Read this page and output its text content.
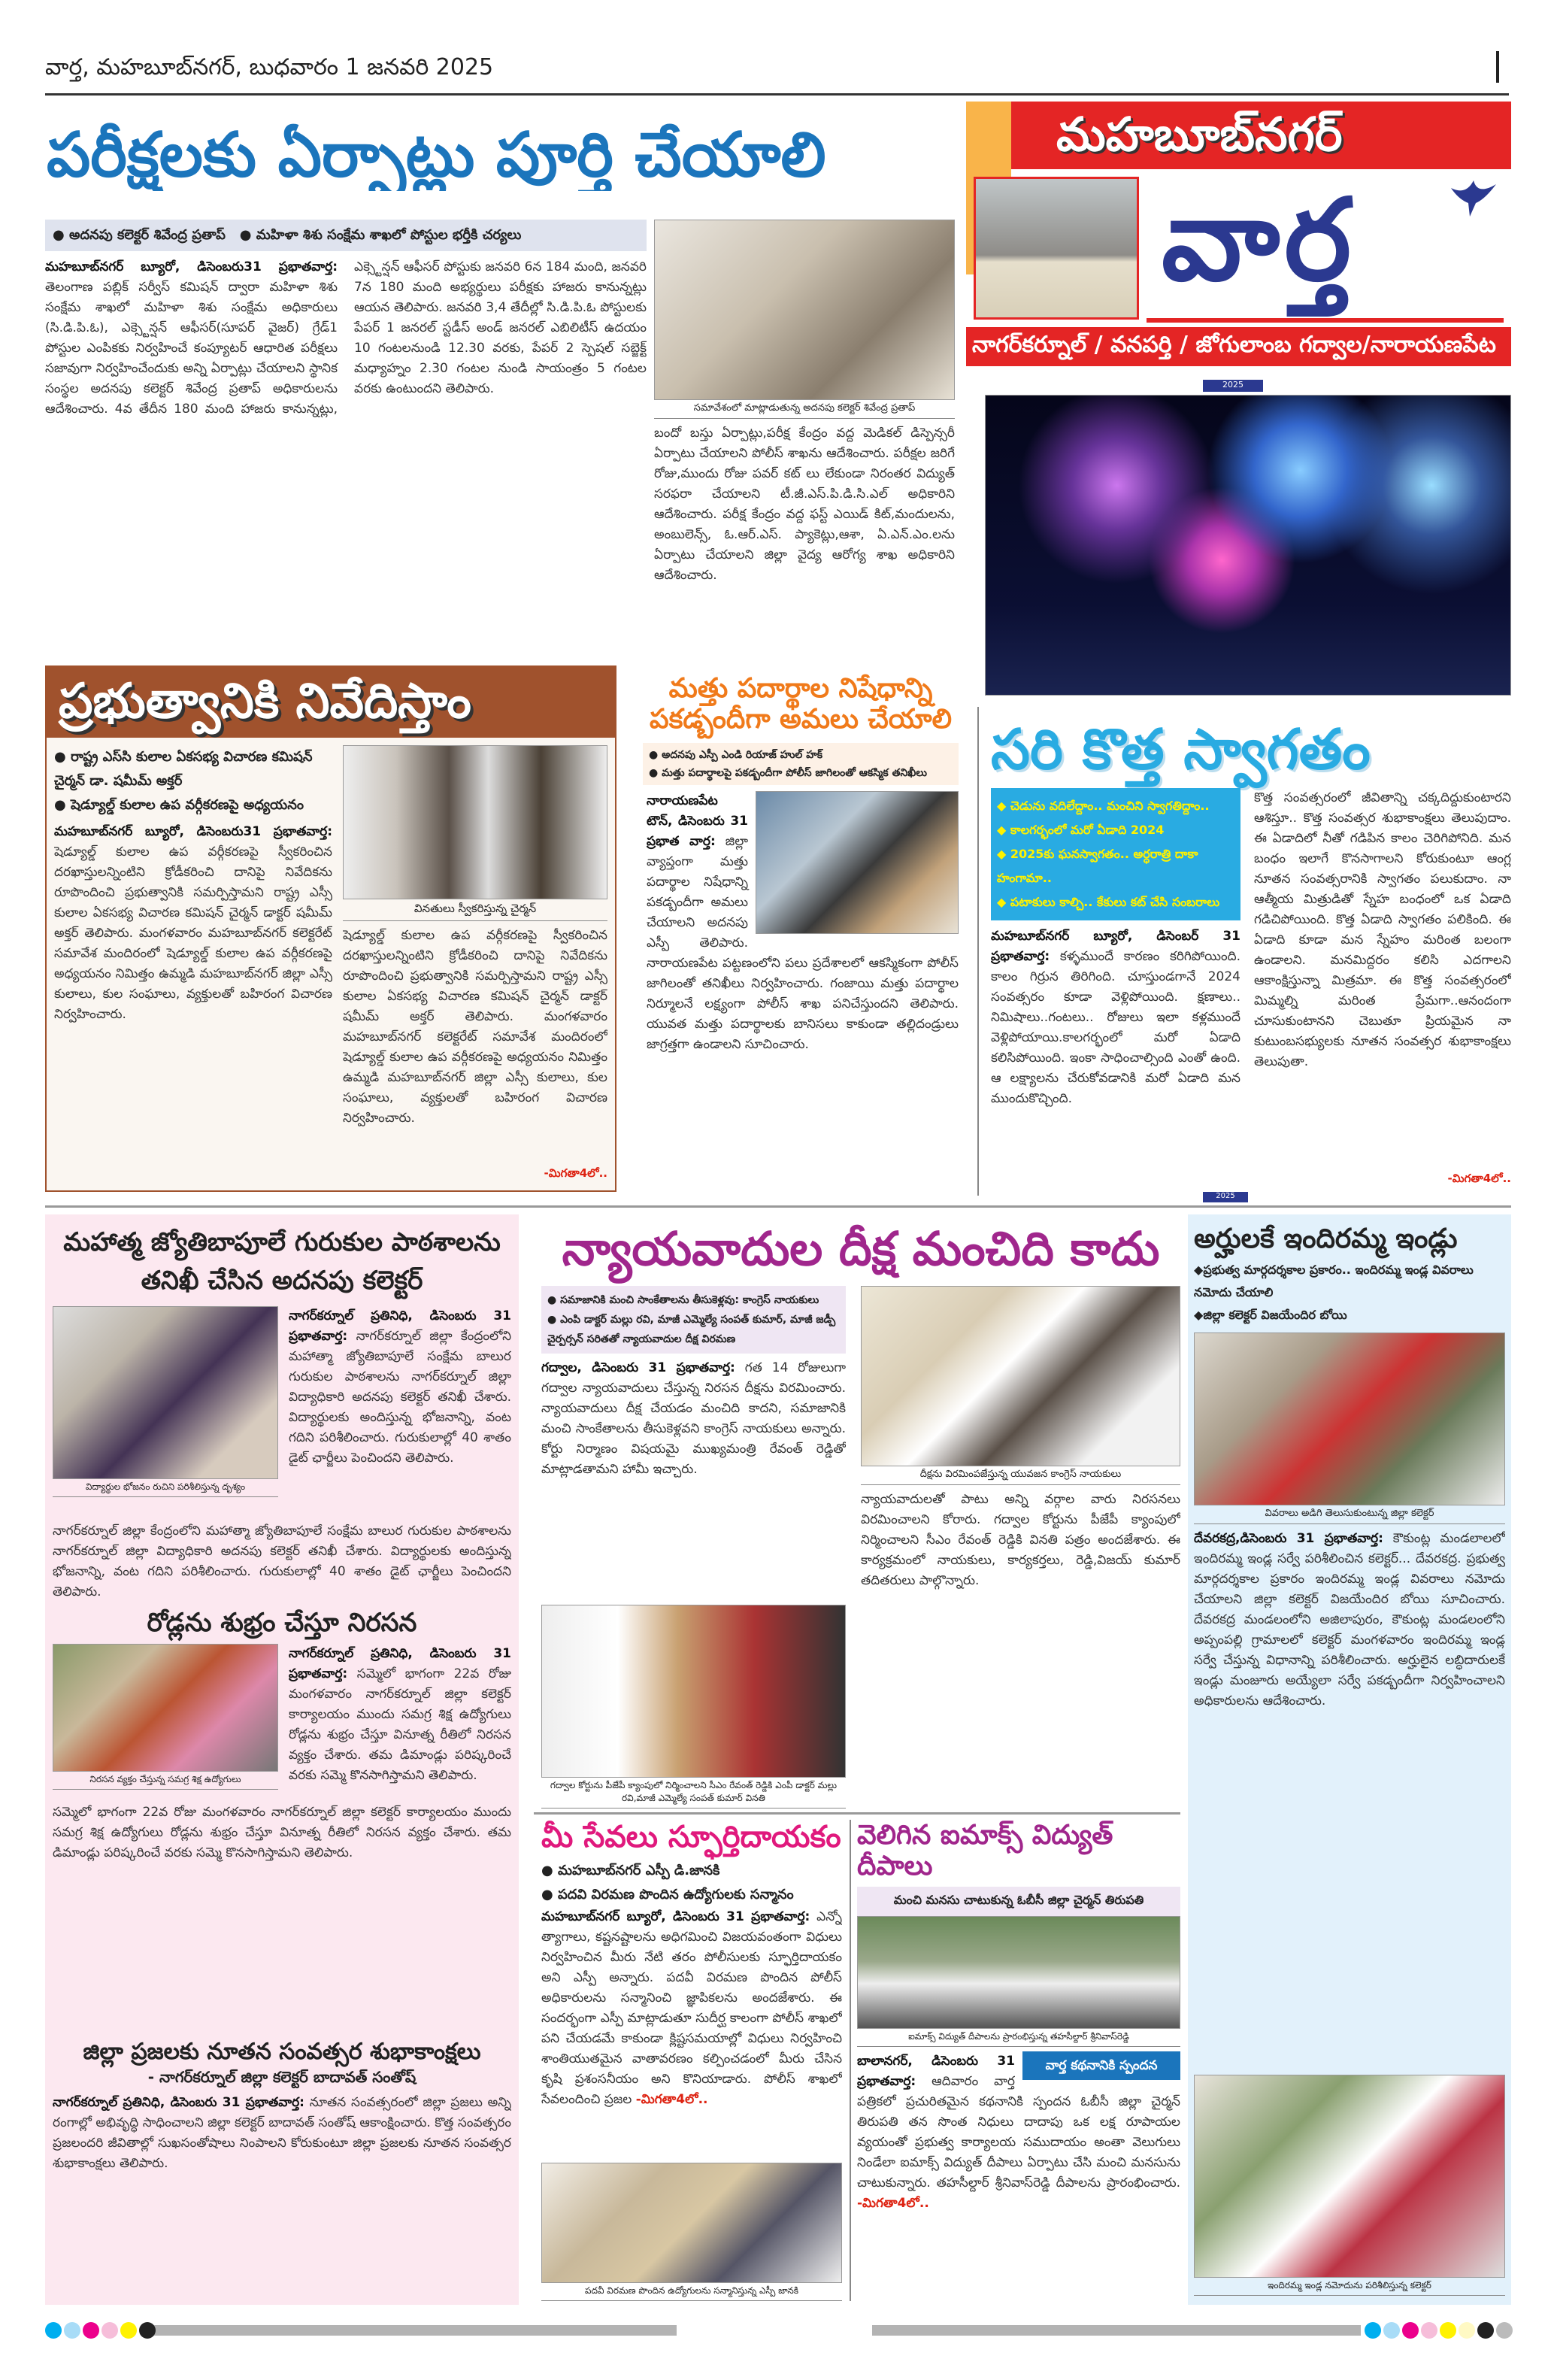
వార్త, మహబూబ్‌నగర్, బుధవారం 1 జనవరి 2025
పరీక్షలకు ఏర్పాట్లు పూర్తి చేయాలి
● అదనపు కలెక్టర్ శివేంద్ర ప్రతాప్ ● మహిళా శిశు సంక్షేమ శాఖలో పోస్టుల భర్తీకి చర్యలు
మహబూబ్‌నగర్ బ్యూరో, డిసెంబరు31 ప్రభాతవార్త: తెలంగాణ పబ్లిక్ సర్వీస్ కమిషన్ ద్వారా మహిళా శిశు సంక్షేమ శాఖలో మహిళా శిశు సంక్షేమ అధికారులు (సి.డి.పి.ఓ), ఎక్స్టెన్షన్ ఆఫీసర్(సూపర్ వైజర్) గ్రేడ్1 పోస్టుల ఎంపికకు నిర్వహించే కంప్యూటర్ ఆధారిత పరీక్షలు సజావుగా నిర్వహించేందుకు అన్ని ఏర్పాట్లు చేయాలని స్థానిక సంస్థల అదనపు కలెక్టర్ శివేంద్ర ప్రతాప్ అధికారులను ఆదేశించారు. 4వ తేదీన 180 మంది హాజరు కానున్నట్లు, ఎక్స్టెన్షన్ ఆఫీసర్ పోస్టుకు జనవరి 6న 184 మంది, జనవరి 7న 180 మంది అభ్యర్థులు పరీక్షకు హాజరు కానున్నట్లు ఆయన తెలిపారు. జనవరి 3,4 తేదీల్లో సి.డి.పి.ఓ పోస్టులకు పేపర్ 1 జనరల్ స్టడీస్ అండ్ జనరల్ ఎబిలిటీస్ ఉదయం 10 గంటలనుండి 12.30 వరకు, పేపర్ 2 స్పెషల్ సబ్జెక్ట్ మధ్యాహ్నం 2.30 గంటల నుండి సాయంత్రం 5 గంటల వరకు ఉంటుందని తెలిపారు.
సమావేశంలో మాట్లాడుతున్న అదనపు కలెక్టర్ శివేంద్ర ప్రతాప్
బందో బస్తు ఏర్పాట్లు,పరీక్ష కేంద్రం వద్ద మెడికల్ డిస్పెన్సరీ ఏర్పాటు చేయాలని పోలీస్ శాఖను ఆదేశించారు. పరీక్షల జరిగే రోజు,ముందు రోజు పవర్ కట్ లు లేకుండా నిరంతర విద్యుత్ సరఫరా చేయాలని టీ.జీ.ఎస్.పి.డి.సి.ఎల్ అధికారిని ఆదేశించారు. పరీక్ష కేంద్రం వద్ద ఫస్ట్ ఎయిడ్ కిట్,మందులను, అంబులెన్స్, ఓ.ఆర్.ఎస్. ప్యాకెట్లు,ఆశా, ఏ.ఎన్.ఎం.లను ఏర్పాటు చేయాలని జిల్లా వైద్య ఆరోగ్య శాఖ అధికారిని ఆదేశించారు.
మహబూబ్‌నగర్
వార్త
నాగర్‌కర్నూల్ / వనపర్తి / జోగులాంబ గద్వాల/నారాయణపేట
2025
ప్రభుత్వానికి నివేదిస్తాం
● రాష్ట్ర ఎస్‌సి కులాల ఏకసభ్య విచారణ కమిషన్ చైర్మన్ డా. షమీమ్ అక్తర్
● షెడ్యూల్డ్ కులాల ఉప వర్గీకరణపై అధ్యయనం
మహబూబ్‌నగర్ బ్యూరో, డిసెంబరు31 ప్రభాతవార్త: షెడ్యూల్డ్ కులాల ఉప వర్గీకరణపై స్వీకరించిన దరఖాస్తులన్నింటిని క్రోడీకరించి దానిపై నివేదికను రూపొందించి ప్రభుత్వానికి సమర్పిస్తామని రాష్ట్ర ఎస్సీ కులాల ఏకసభ్య విచారణ కమిషన్ చైర్మన్ డాక్టర్ షమీమ్ అక్తర్ తెలిపారు. మంగళవారం మహబూబ్‌నగర్ కలెక్టరేట్ సమావేశ మందిరంలో షెడ్యూల్డ్ కులాల ఉప వర్గీకరణపై అధ్యయనం నిమిత్తం ఉమ్మడి మహబూబ్‌నగర్ జిల్లా ఎస్సీ కులాలు, కుల సంఘాలు, వ్యక్తులతో బహిరంగ విచారణ నిర్వహించారు.
వినతులు స్వీకరిస్తున్న చైర్మన్
షెడ్యూల్డ్ కులాల ఉప వర్గీకరణపై స్వీకరించిన దరఖాస్తులన్నింటిని క్రోడీకరించి దానిపై నివేదికను రూపొందించి ప్రభుత్వానికి సమర్పిస్తామని రాష్ట్ర ఎస్సీ కులాల ఏకసభ్య విచారణ కమిషన్ చైర్మన్ డాక్టర్ షమీమ్ అక్తర్ తెలిపారు. మంగళవారం మహబూబ్‌నగర్ కలెక్టరేట్ సమావేశ మందిరంలో షెడ్యూల్డ్ కులాల ఉప వర్గీకరణపై అధ్యయనం నిమిత్తం ఉమ్మడి మహబూబ్‌నగర్ జిల్లా ఎస్సీ కులాలు, కుల సంఘాలు, వ్యక్తులతో బహిరంగ విచారణ నిర్వహించారు.
-మిగతా4లో..
మత్తు పదార్థాల నిషేధాన్ని పకడ్బందీగా అమలు చేయాలి
● అదనపు ఎస్పీ ఎండి రియాజ్ హుల్ హక్
● మత్తు పదార్థాలపై పకడ్బందీగా పోలీస్ జాగిలంతో ఆకస్మిక తనిఖీలు
నారాయణపేట టౌన్, డిసెంబరు 31 ప్రభాత వార్త: జిల్లా వ్యాప్తంగా మత్తు పదార్థాల నిషేధాన్ని పకడ్బందీగా అమలు చేయాలని అదనపు ఎస్పీ తెలిపారు. నారాయణపేట పట్టణంలోని పలు ప్రదేశాలలో ఆకస్మికంగా పోలీస్ జాగిలంతో తనిఖీలు నిర్వహించారు. గంజాయి మత్తు పదార్థాల నిర్మూలనే లక్ష్యంగా పోలీస్ శాఖ పనిచేస్తుందని తెలిపారు. యువత మత్తు పదార్థాలకు బానిసలు కాకుండా తల్లిదండ్రులు జాగ్రత్తగా ఉండాలని సూచించారు.
సరి కొత్త స్వాగతం
◆ చెడును వదిలేద్దాం.. మంచిని స్వాగతిద్దాం..
◆ కాలగర్భంలో మరో ఏడాది 2024
◆ 2025కు ఘనస్వాగతం.. అర్ధరాత్రి దాకా హంగామా..
◆ పటాకులు కాల్చి.. కేకులు కట్ చేసి సంబరాలు
మహబూబ్‌నగర్ బ్యూరో, డిసెంబర్ 31 ప్రభాతవార్త: కళ్ళముందే కారణం కరిగిపోయింది. కాలం గిర్రున తిరిగింది. చూస్తుండగానే 2024 సంవత్సరం కూడా వెళ్లిపోయింది. క్షణాలు.. నిమిషాలు..గంటలు.. రోజులు ఇలా కళ్లముందే వెళ్లిపోయాయి.కాలగర్భంలో మరో ఏడాది కలిసిపోయింది. ఇంకా సాధించాల్సింది ఎంతో ఉంది. ఆ లక్ష్యాలను చేరుకోవడానికి మరో ఏడాది మన ముందుకొచ్చింది.
కొత్త సంవత్సరంలో జీవితాన్ని చక్కదిద్దుకుంటారని ఆశిస్తూ.. కొత్త సంవత్సర శుభాకాంక్షలు తెలుపుదాం. ఈ ఏడాదిలో నీతో గడిపిన కాలం చెరిగిపోనిది. మన బంధం ఇలాగే కొనసాగాలని కోరుకుంటూ ఆంగ్ల నూతన సంవత్సరానికి స్వాగతం పలుకుదాం. నా ఆత్మీయ మిత్రుడితో స్నేహ బంధంలో ఒక ఏడాది గడిచిపోయింది. కొత్త ఏడాది స్వాగతం పలికింది. ఈ ఏడాది కూడా మన స్నేహం మరింత బలంగా ఉండాలని. మనమిద్దరం కలిసి ఎదగాలని ఆకాంక్షిస్తున్నా మిత్రమా. ఈ కొత్త సంవత్సరంలో మిమ్మల్ని మరింత ప్రేమగా..ఆనందంగా చూసుకుంటానని చెబుతూ ప్రియమైన నా కుటుంబసభ్యులకు నూతన సంవత్సర శుభాకాంక్షలు తెలుపుతా.
-మిగతా4లో..
2025
మహాత్మ జ్యోతిబాపూలే గురుకుల పాఠశాలను తనిఖీ చేసిన అదనపు కలెక్టర్
విద్యార్థుల భోజనం రుచిని పరిశీలిస్తున్న దృశ్యం
నాగర్‌కర్నూల్ ప్రతినిధి, డిసెంబరు 31 ప్రభాతవార్త: నాగర్‌కర్నూల్ జిల్లా కేంద్రంలోని మహాత్మా జ్యోతిబాపూలే సంక్షేమ బాలుర గురుకుల పాఠశాలను నాగర్‌కర్నూల్ జిల్లా విద్యాధికారి అదనపు కలెక్టర్ తనిఖీ చేశారు. విద్యార్థులకు అందిస్తున్న భోజనాన్ని, వంట గదిని పరిశీలించారు. గురుకులాల్లో 40 శాతం డైట్ ఛార్జీలు పెంచిందని తెలిపారు.
నాగర్‌కర్నూల్ జిల్లా కేంద్రంలోని మహాత్మా జ్యోతిబాపూలే సంక్షేమ బాలుర గురుకుల పాఠశాలను నాగర్‌కర్నూల్ జిల్లా విద్యాధికారి అదనపు కలెక్టర్ తనిఖీ చేశారు. విద్యార్థులకు అందిస్తున్న భోజనాన్ని, వంట గదిని పరిశీలించారు. గురుకులాల్లో 40 శాతం డైట్ ఛార్జీలు పెంచిందని తెలిపారు.
రోడ్లను శుభ్రం చేస్తూ నిరసన
నిరసన వ్యక్తం చేస్తున్న సమగ్ర శిక్ష ఉద్యోగులు
నాగర్‌కర్నూల్ ప్రతినిధి, డిసెంబరు 31 ప్రభాతవార్త: సమ్మెలో భాగంగా 22వ రోజు మంగళవారం నాగర్‌కర్నూల్ జిల్లా కలెక్టర్ కార్యాలయం ముందు సమగ్ర శిక్ష ఉద్యోగులు రోడ్లను శుభ్రం చేస్తూ వినూత్న రీతిలో నిరసన వ్యక్తం చేశారు. తమ డిమాండ్లు పరిష్కరించే వరకు సమ్మె కొనసాగిస్తామని తెలిపారు.
సమ్మెలో భాగంగా 22వ రోజు మంగళవారం నాగర్‌కర్నూల్ జిల్లా కలెక్టర్ కార్యాలయం ముందు సమగ్ర శిక్ష ఉద్యోగులు రోడ్లను శుభ్రం చేస్తూ వినూత్న రీతిలో నిరసన వ్యక్తం చేశారు. తమ డిమాండ్లు పరిష్కరించే వరకు సమ్మె కొనసాగిస్తామని తెలిపారు.
జిల్లా ప్రజలకు నూతన సంవత్సర శుభాకాంక్షలు
- నాగర్‌కర్నూల్ జిల్లా కలెక్టర్ బాదావత్ సంతోష్
నాగర్‌కర్నూల్ ప్రతినిధి, డిసెంబరు 31 ప్రభాతవార్త: నూతన సంవత్సరంలో జిల్లా ప్రజలు అన్ని రంగాల్లో అభివృద్ధి సాధించాలని జిల్లా కలెక్టర్ బాదావత్ సంతోష్ ఆకాంక్షించారు. కొత్త సంవత్సరం ప్రజలందరి జీవితాల్లో సుఖసంతోషాలు నింపాలని కోరుకుంటూ జిల్లా ప్రజలకు నూతన సంవత్సర శుభాకాంక్షలు తెలిపారు.
న్యాయవాదుల దీక్ష మంచిది కాదు
● సమాజానికి మంచి సాంకేతాలను తీసుకెళ్లవు: కాంగ్రెస్ నాయకులు
● ఎంపి డాక్టర్ మల్లు రవి, మాజీ ఎమ్మెల్యే సంపత్ కుమార్, మాజీ జడ్పీ చైర్పర్సన్ సరితతో న్యాయవాదుల దీక్ష విరమణ
గద్వాల, డిసెంబరు 31 ప్రభాతవార్త: గత 14 రోజులుగా గద్వాల న్యాయవాదులు చేస్తున్న నిరసన దీక్షను విరమించారు. న్యాయవాదులు దీక్ష చేయడం మంచిది కాదని, సమాజానికి మంచి సాంకేతాలను తీసుకెళ్లవని కాంగ్రెస్ నాయకులు అన్నారు. కోర్టు నిర్మాణం విషయమై ముఖ్యమంత్రి రేవంత్ రెడ్డితో మాట్లాడతామని హామీ ఇచ్చారు.
గద్వాల కోర్టును పీజేపీ క్యాంపులో నిర్మించాలని సీఎం రేవంత్ రెడ్డికి ఎంపీ డాక్టర్ మల్లు రవి,మాజీ ఎమ్మెల్యే సంపత్ కుమార్ వినతి
దీక్షను విరమింపజేస్తున్న యువజన కాంగ్రెస్ నాయకులు
న్యాయవాదులతో పాటు అన్ని వర్గాల వారు నిరసనలు విరమించాలని కోరారు. గద్వాల కోర్టును పీజేపీ క్యాంపులో నిర్మించాలని సీఎం రేవంత్ రెడ్డికి వినతి పత్రం అందజేశారు. ఈ కార్యక్రమంలో నాయకులు, కార్యకర్తలు, రెడ్డి,విజయ్ కుమార్ తదితరులు పాల్గొన్నారు.
మీ సేవలు స్ఫూర్తిదాయకం
● మహబూబ్‌నగర్ ఎస్పీ డి.జానకి
● పదవి విరమణ పొందిన ఉద్యోగులకు సన్మానం
మహబూబ్‌నగర్ బ్యూరో, డిసెంబరు 31 ప్రభాతవార్త: ఎన్నో త్యాగాలు, కష్టనష్టాలను అధిగమించి విజయవంతంగా విధులు నిర్వహించిన మీరు నేటి తరం పోలీసులకు స్ఫూర్తిదాయకం అని ఎస్పీ అన్నారు. పదవీ విరమణ పొందిన పోలీస్ అధికారులను సన్మానించి జ్ఞాపికలను అందజేశారు. ఈ సందర్భంగా ఎస్పీ మాట్లాడుతూ సుదీర్ఘ కాలంగా పోలీస్ శాఖలో పని చేయడమే కాకుండా క్లిష్టసమయాల్లో విధులు నిర్వహించి శాంతియుతమైన వాతావరణం కల్పించడంలో మీరు చేసిన కృషి ప్రశంసనీయం అని కొనియాడారు. పోలీస్ శాఖలో సేవలందించి ప్రజల -మిగతా4లో..
పదవీ విరమణ పొందిన ఉద్యోగులను సన్మానిస్తున్న ఎస్పీ జానకి
వెలిగిన ఐమాక్స్ విద్యుత్ దీపాలు
మంచి మనసు చాటుకున్న ఓబీసీ జిల్లా చైర్మన్ తిరుపతి
ఐమాక్స్ విద్యుత్ దీపాలను ప్రారంభిస్తున్న తహసీల్దార్ శ్రీనివాస్‌రెడ్డి
వార్త కథనానికి స్పందన
బాలానగర్, డిసెంబరు 31 ప్రభాతవార్త: ఆదివారం వార్త పత్రికలో ప్రచురితమైన కథనానికి స్పందన ఓబీసీ జిల్లా చైర్మన్ తిరుపతి తన సొంత నిధులు దాదాపు ఒక లక్ష రూపాయల వ్యయంతో ప్రభుత్వ కార్యాలయ సముదాయం అంతా వెలుగులు నిండేలా ఐమాక్స్ విద్యుత్ దీపాలు ఏర్పాటు చేసి మంచి మనసును చాటుకున్నారు. తహసీల్దార్ శ్రీనివాస్‌రెడ్డి దీపాలను ప్రారంభించారు. -మిగతా4లో..
అర్హులకే ఇందిరమ్మ ఇండ్లు
◆ప్రభుత్వ మార్గదర్శకాల ప్రకారం.. ఇందిరమ్మ ఇండ్ల వివరాలు నమోదు చేయాలి
◆జిల్లా కలెక్టర్ విజయేందిర బోయి
వివరాలు అడిగి తెలుసుకుంటున్న జిల్లా కలెక్టర్
దేవరకద్ర,డిసెంబరు 31 ప్రభాతవార్త: కౌకుంట్ల మండలాలలో ఇందిరమ్మ ఇండ్ల సర్వే పరిశీలించిన కలెక్టర్... దేవరకద్ర. ప్రభుత్వ మార్గదర్శకాల ప్రకారం ఇందిరమ్మ ఇండ్ల వివరాలు నమోదు చేయాలని జిల్లా కలెక్టర్ విజయేందిర బోయి సూచించారు. దేవరకద్ర మండలంలోని అజిలాపురం, కౌకుంట్ల మండలంలోని అప్పంపల్లి గ్రామాలలో కలెక్టర్ మంగళవారం ఇందిరమ్మ ఇండ్ల సర్వే చేస్తున్న విధానాన్ని పరిశీలించారు. అర్హులైన లబ్ధిదారులకే ఇండ్లు మంజూరు అయ్యేలా సర్వే పకడ్బందీగా నిర్వహించాలని అధికారులను ఆదేశించారు.
ఇందిరమ్మ ఇండ్ల నమోదును పరిశీలిస్తున్న కలెక్టర్
